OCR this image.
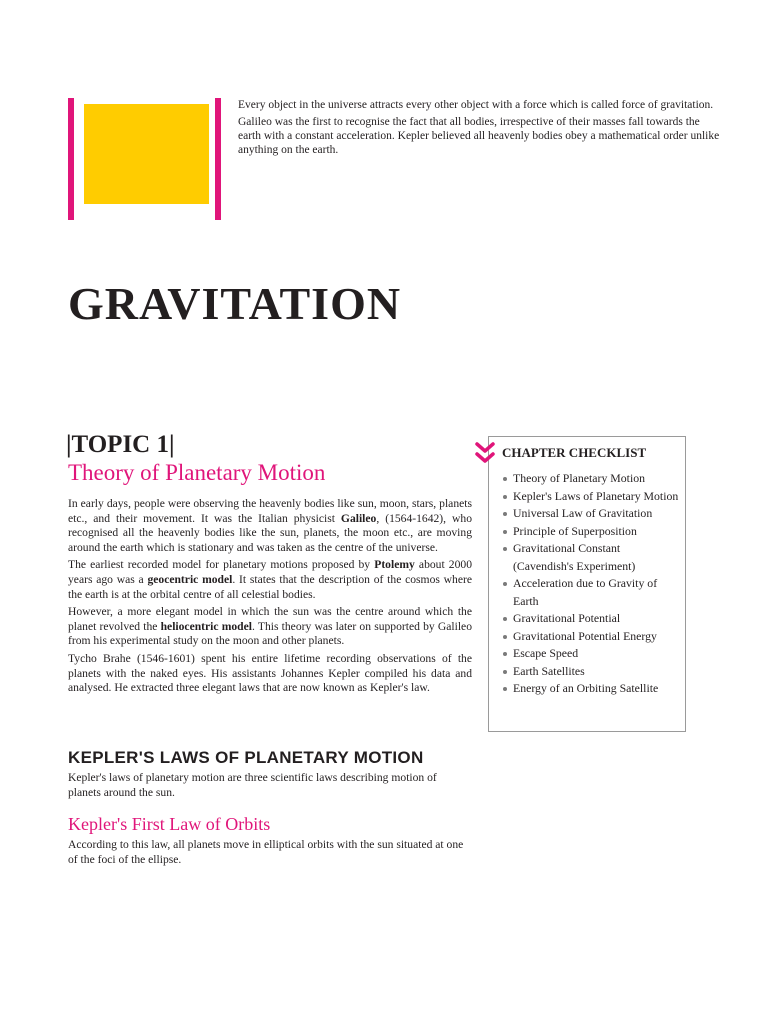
Every object in the universe attracts every other object with a force which is called force of gravitation.

Galileo was the first to recognise the fact that all bodies, irrespective of their masses fall towards the earth with a constant acceleration. Kepler believed all heavenly bodies obey a mathematical order unlike anything on the earth.

GRAVITATION
|TOPIC 1|
Theory of Planetary Motion

In early days, people were observing the heavenly bodies like sun, moon, stars, planets etc., and their movement. It was the Italian physicist Galileo, (1564-1642), who recognised all the heavenly bodies like the sun, planets, the moon etc., are moving around the earth which is stationary and was taken as the centre of the universe.

The earliest recorded model for planetary motions proposed by Ptolemy about 2000 years ago was a geocentric model. It states that the description of the cosmos where the earth is at the orbital centre of all celestial bodies.

However, a more elegant model in which the sun was the centre around which the planet revolved the heliocentric model. This theory was later on supported by Galileo from his experimental study on the moon and other planets.

Tycho Brahe (1546-1601) spent his entire lifetime recording observations of the planets with the naked eyes. His assistants Johannes Kepler compiled his data and analysed. He extracted three elegant laws that are now known as Kepler's law.

KEPLER'S LAWS OF PLANETARY MOTION
Kepler's laws of planetary motion are three scientific laws describing motion of planets around the sun.
Kepler's First Law of Orbits
According to this law, all planets move in elliptical orbits with the sun situated at one of the foci of the ellipse.
Theory of Planetary Motion
Kepler's Laws of Planetary Motion
Universal Law of Gravitation
Principle of Superposition
Gravitational Constant (Cavendish's Experiment)
Acceleration due to Gravity of Earth
Gravitational Potential
Gravitational Potential Energy
Escape Speed
Earth Satellites
Energy of an Orbiting Satellite
CHAPTER CHECKLIST
